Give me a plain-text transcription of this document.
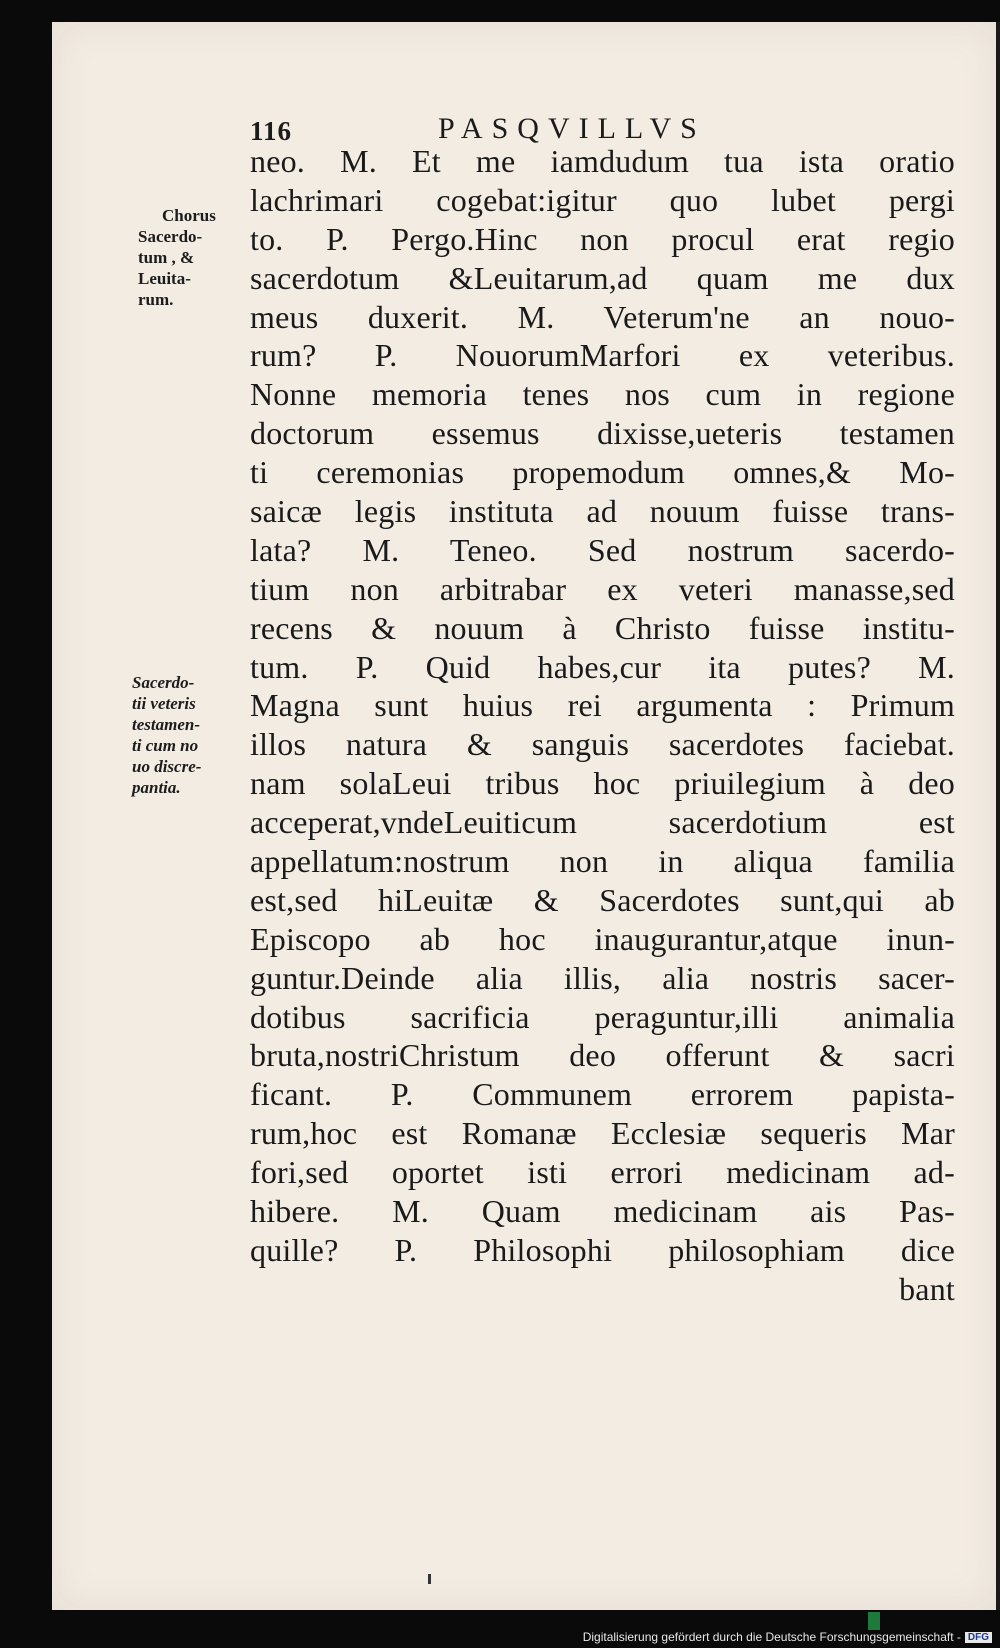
116	PASQVILLVS
Chorus
Sacerdo-
tum , &
Leuita-
rum.
Sacerdo-
tii veteris
testamen-
ti cum no
uo discre-
pantia.
neo. M. Et me iamdudum tua ista oratio
lachrimari cogebat:igitur quo lubet pergi
to. P. Pergo.Hinc non procul erat regio
sacerdotum &Leuitarum,ad quam me dux
meus duxerit. M. Veterum'ne an nouo-
rum? P. NouorumMarfori ex veteribus.
Nonne memoria tenes nos cum in regione
doctorum essemus dixisse,ueteris testamen
ti ceremonias propemodum omnes,& Mo-
saicæ legis instituta ad nouum fuisse trans-
lata? M. Teneo. Sed nostrum sacerdo-
tium non arbitrabar ex veteri manasse,sed
recens & nouum à Christo fuisse institu-
tum. P. Quid habes,cur ita putes? M.
Magna sunt huius rei argumenta : Primum
illos natura & sanguis sacerdotes faciebat.
nam solaLeui tribus hoc priuilegium à deo
acceperat,vndeLeuiticum sacerdotium est
appellatum:nostrum non in aliqua familia
est,sed hiLeuitæ & Sacerdotes sunt,qui ab
Episcopo ab hoc inaugurantur,atque inun-
guntur.Deinde alia illis, alia nostris sacer-
dotibus sacrificia peraguntur,illi animalia
bruta,nostriChristum deo offerunt & sacri
ficant. P. Communem errorem papista-
rum,hoc est Romanæ Ecclesiæ sequeris Mar
fori,sed oportet isti errori medicinam ad-
hibere. M. Quam medicinam ais Pas-
quille? P. Philosophi philosophiam dice
bant
Digitalisierung gefördert durch die Deutsche Forschungsgemeinschaft - DFG
